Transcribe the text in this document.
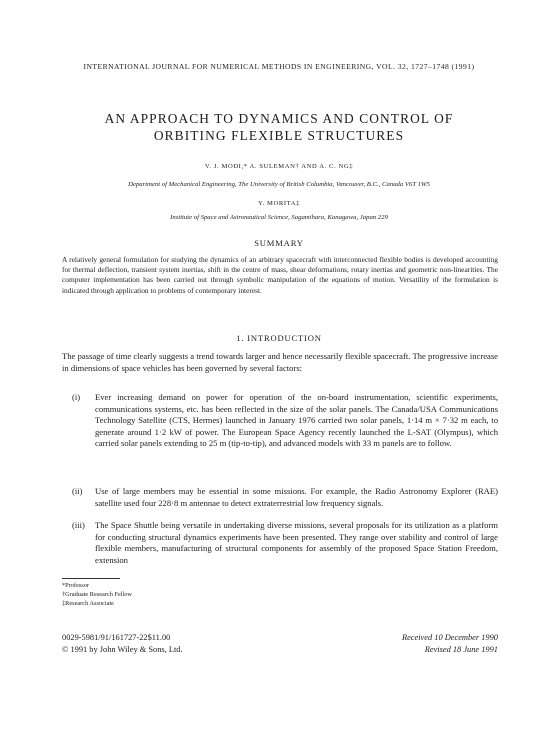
INTERNATIONAL JOURNAL FOR NUMERICAL METHODS IN ENGINEERING, VOL. 32, 1727–1748 (1991)
AN APPROACH TO DYNAMICS AND CONTROL OF
ORBITING FLEXIBLE STRUCTURES
V. J. MODI,* A. SULEMAN† AND A. C. NG‡
Department of Mechanical Engineering, The University of British Columbia, Vancouver, B.C., Canada V6T 1W5
Y. MORITA‡
Institute of Space and Astronautical Science, Sagamihara, Kanagawa, Japan 229
SUMMARY
A relatively general formulation for studying the dynamics of an arbitrary spacecraft with interconnected flexible bodies is developed accounting for thermal deflection, transient system inertias, shift in the centre of mass, shear deformations, rotary inertias and geometric non-linearities. The computer implementation has been carried out through symbolic manipulation of the equations of motion. Versatility of the formulation is indicated through application to problems of contemporary interest.
1. INTRODUCTION
The passage of time clearly suggests a trend towards larger and hence necessarily flexible spacecraft. The progressive increase in dimensions of space vehicles has been governed by several factors:
(i) Ever increasing demand on power for operation of the on-board instrumentation, scientific experiments, communications systems, etc. has been reflected in the size of the solar panels. The Canada/USA Communications Technology Satellite (CTS, Hermes) launched in January 1976 carried two solar panels, 1·14 m × 7·32 m each, to generate around 1·2 kW of power. The European Space Agency recently launched the L-SAT (Olympus), which carried solar panels extending to 25 m (tip-to-tip), and advanced models with 33 m panels are to follow.
(ii) Use of large members may be essential in some missions. For example, the Radio Astronomy Explorer (RAE) satellite used four 228·8 m antennae to detect extraterrestrial low frequency signals.
(iii) The Space Shuttle being versatile in undertaking diverse missions, several proposals for its utilization as a platform for conducting structural dynamics experiments have been presented. They range over stability and control of large flexible members, manufacturing of structural components for assembly of the proposed Space Station Freedom, extension
*Professor
†Graduate Research Fellow
‡Research Associate
0029-5981/91/161727-22$11.00
© 1991 by John Wiley & Sons, Ltd.
Received 10 December 1990
Revised 18 June 1991
